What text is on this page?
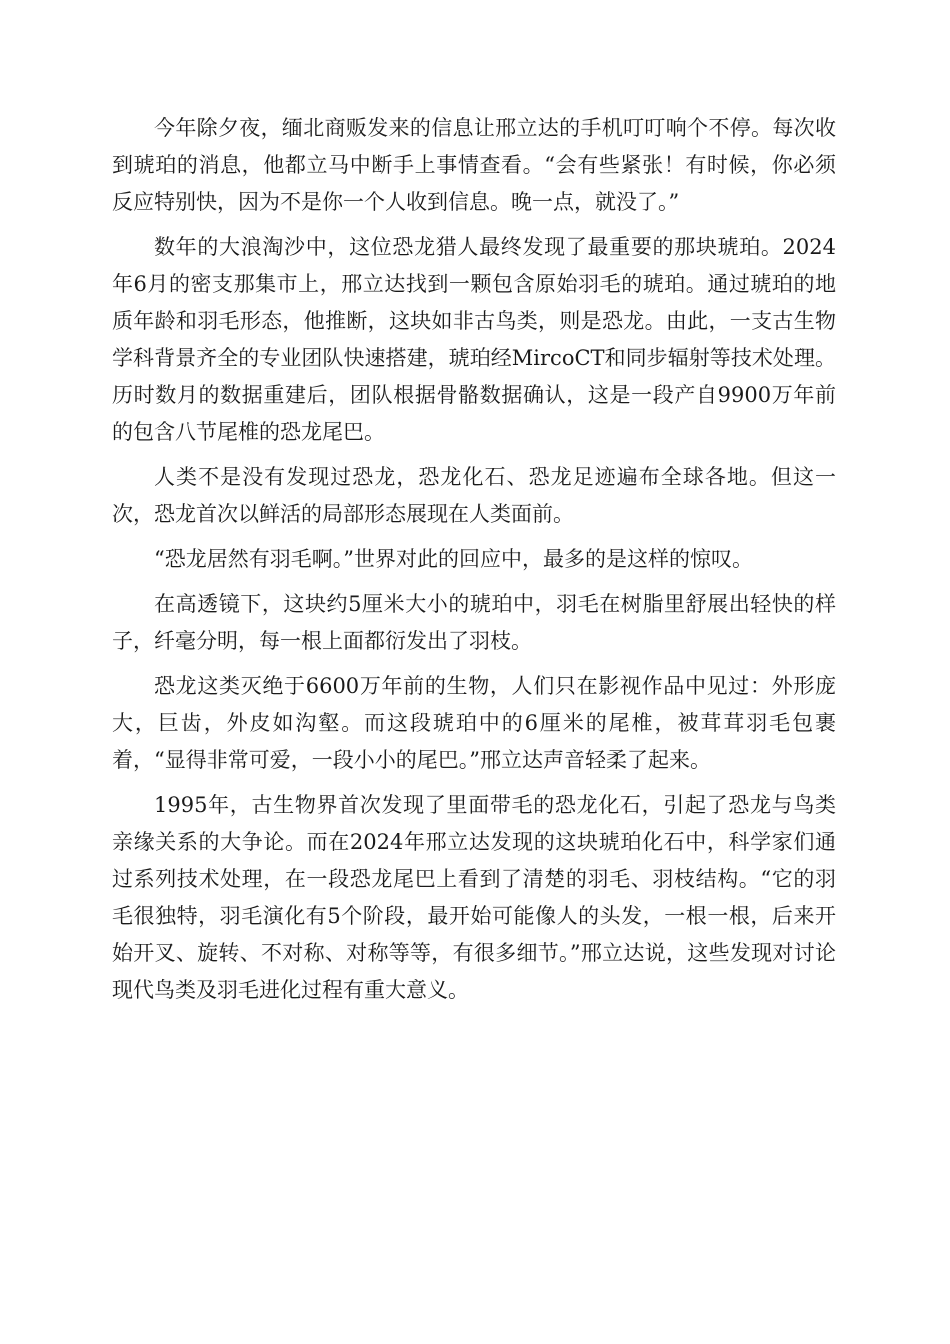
今年除夕夜，缅北商贩发来的信息让邢立达的手机叮叮响个不停。每次收到琥珀的消息，他都立马中断手上事情查看。“会有些紧张！有时候，你必须反应特别快，因为不是你一个人收到信息。晚一点，就没了。”

数年的大浪淘沙中，这位恐龙猎人最终发现了最重要的那块琥珀。2024年6月的密支那集市上，邢立达找到一颗包含原始羽毛的琥珀。通过琥珀的地质年龄和羽毛形态，他推断，这块如非古鸟类，则是恐龙。由此，一支古生物学科背景齐全的专业团队快速搭建，琥珀经MircoCT和同步辐射等技术处理。历时数月的数据重建后，团队根据骨骼数据确认，这是一段产自9900万年前的包含八节尾椎的恐龙尾巴。

人类不是没有发现过恐龙，恐龙化石、恐龙足迹遍布全球各地。但这一次，恐龙首次以鲜活的局部形态展现在人类面前。

“恐龙居然有羽毛啊。”世界对此的回应中，最多的是这样的惊叹。

在高透镜下，这块约5厘米大小的琥珀中，羽毛在树脂里舒展出轻快的样子，纤毫分明，每一根上面都衍发出了羽枝。

恐龙这类灭绝于6600万年前的生物，人们只在影视作品中见过：外形庞大，巨齿，外皮如沟壑。而这段琥珀中的6厘米的尾椎，被茸茸羽毛包裹着，“显得非常可爱，一段小小的尾巴。”邢立达声音轻柔了起来。

1995年，古生物界首次发现了里面带毛的恐龙化石，引起了恐龙与鸟类亲缘关系的大争论。而在2024年邢立达发现的这块琥珀化石中，科学家们通过系列技术处理，在一段恐龙尾巴上看到了清楚的羽毛、羽枝结构。“它的羽毛很独特，羽毛演化有5个阶段，最开始可能像人的头发，一根一根，后来开始开叉、旋转、不对称、对称等等，有很多细节。”邢立达说，这些发现对讨论现代鸟类及羽毛进化过程有重大意义。
